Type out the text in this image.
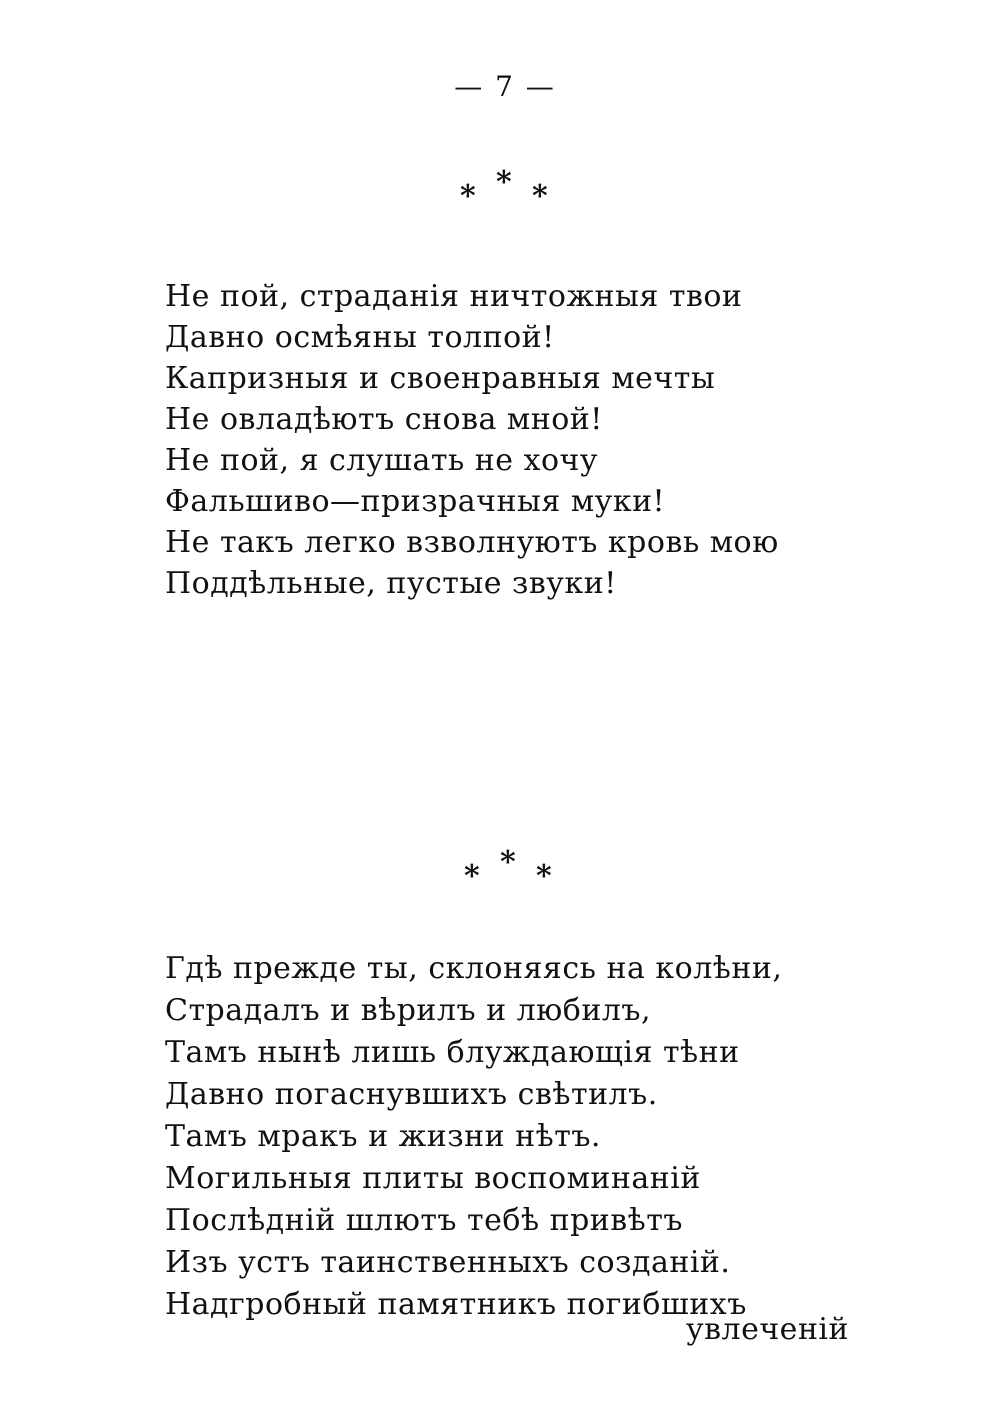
— 7 —
* * *
Не пой, страданія ничтожныя твои
Давно осмѣяны толпой!
Капризныя и своенравныя мечты
Не овладѣютъ снова мной!
Не пой, я слушать не хочу
Фальшиво—призрачныя муки!
Не такъ легко взволнуютъ кровь мою
Поддѣльные, пустые звуки!
* * *
Гдѣ прежде ты, склоняясь на колѣни,
Страдалъ и вѣрилъ и любилъ,
Тамъ нынѣ лишь блуждающія тѣни
Давно погаснувшихъ свѣтилъ.
Тамъ мракъ и жизни нѣтъ.
Могильныя плиты воспоминаній
Послѣдній шлютъ тебѣ привѣтъ
Изъ устъ таинственныхъ созданій.
Надгробный памятникъ погибшихъ
увлеченій
